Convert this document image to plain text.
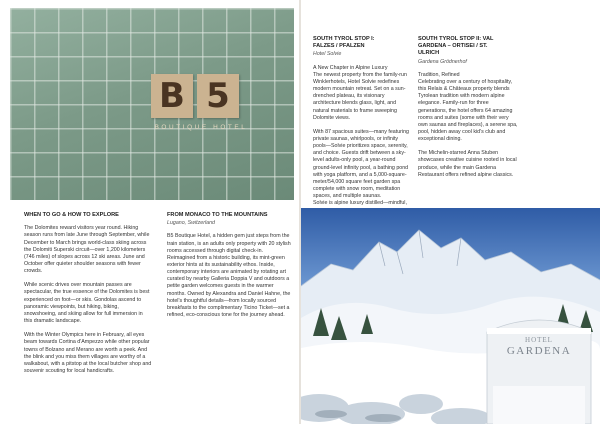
B 5
BOUTIQUE HOTEL
WHEN TO GO & HOW TO EXPLORE

The Dolomites reward visitors year round. Hiking season runs from late June through September, while December to March brings world-class skiing across the Dolomiti Superski circuit—over 1,200 kilometers (746 miles) of slopes across 12 ski areas. June and October offer quieter shoulder seasons with fewer crowds.

While scenic drives over mountain passes are spectacular, the true essence of the Dolomites is best experienced on foot—or skis. Gondolas ascend to panoramic viewpoints, but hiking, biking, snowshoeing, and skiing allow for full immersion in this dramatic landscape.

With the Winter Olympics here in February, all eyes beam towards Cortina d'Ampezzo while other popular towns of Bolzano and Merano are worth a peek. And the blink and you miss them villages are worthy of a walkabout, with a pitstop at the local butcher shop and souvenir scouting for local handicrafts.

FROM MONACO TO THE MOUNTAINS
Lugano, Switzerland

B5 Boutique Hotel, a hidden gem just steps from the train station, is an adults only property with 20 stylish rooms accessed through digital check-in. Reimagined from a historic building, its mint-green exterior hints at its sustainability ethos. Inside, contemporary interiors are animated by rotating art curated by nearby Galleria Doppia V and outdoors a petite garden welcomes guests in the warmer months. Owned by Alexandra and Daniel Hahne, the hotel's thoughtful details—from locally sourced breakfasts to the complimentary Ticino Ticket—set a refined, eco-conscious tone for the journey ahead.

SOUTH TYROL STOP I:
FALZES / PFALZEN
Hotel Solvie
A New Chapter in Alpine Luxury

The newest property from the family-run Winklerhotels, Hotel Solvie redefines modern mountain retreat. Set on a sun-drenched plateau, its visionary architecture blends glass, light, and natural materials to frame sweeping Dolomite views.

With 87 spacious suites—many featuring private saunas, whirlpools, or infinity pools—Solvie prioritizes space, serenity, and choice. Guests drift between a sky-level adults-only pool, a year-round ground-level infinity pool, a bathing pond with yoga platform, and a 5,000-square-meter/54,000 square feet garden spa complete with snow room, meditation spaces, and multiple saunas.
Solvie is alpine luxury distilled—mindful,
SOUTH TYROL STOP II: VAL
GARDENA – ORTISEI / ST.
ULRICH
Gardena Grödnerhof
Tradition, Refined

Celebrating over a century of hospitality, this Relais & Châteaux property blends Tyrolean tradition with modern alpine elegance. Family-run for three generations, the hotel offers 64 amazing rooms and suites (some with their very own saunas and fireplaces), a serene spa, pool, hidden away cool kid's club and exceptional dining.

The Michelin-starred Anna Stuben showcases creative cuisine rooted in local produce, while the main Gardena Restaurant offers refined alpine classics.

HOTEL
GARDENA
